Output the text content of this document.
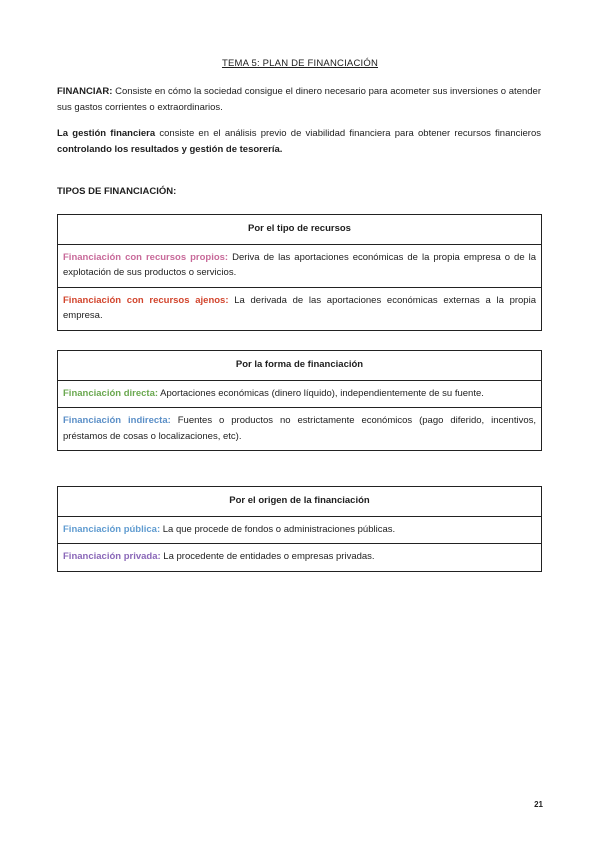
TEMA 5: PLAN DE FINANCIACIÓN

FINANCIAR: Consiste en cómo la sociedad consigue el dinero necesario para acometer sus inversiones o atender sus gastos corrientes o extraordinarios.

La gestión financiera consiste en el análisis previo de viabilidad financiera para obtener recursos financieros controlando los resultados y gestión de tesorería.

TIPOS DE FINANCIACIÓN:
Por el tipo de recursos
Financiación con recursos propios: Deriva de las aportaciones económicas de la propia empresa o de la explotación de sus productos o servicios.
Financiación con recursos ajenos: La derivada de las aportaciones económicas externas a la propia empresa.
Por la forma de financiación
Financiación directa: Aportaciones económicas (dinero líquido), independientemente de su fuente.
Financiación indirecta: Fuentes o productos no estrictamente económicos (pago diferido, incentivos, préstamos de cosas o localizaciones, etc).
Por el origen de la financiación
Financiación pública: La que procede de fondos o administraciones públicas.
Financiación privada: La procedente de entidades o empresas privadas.
21
